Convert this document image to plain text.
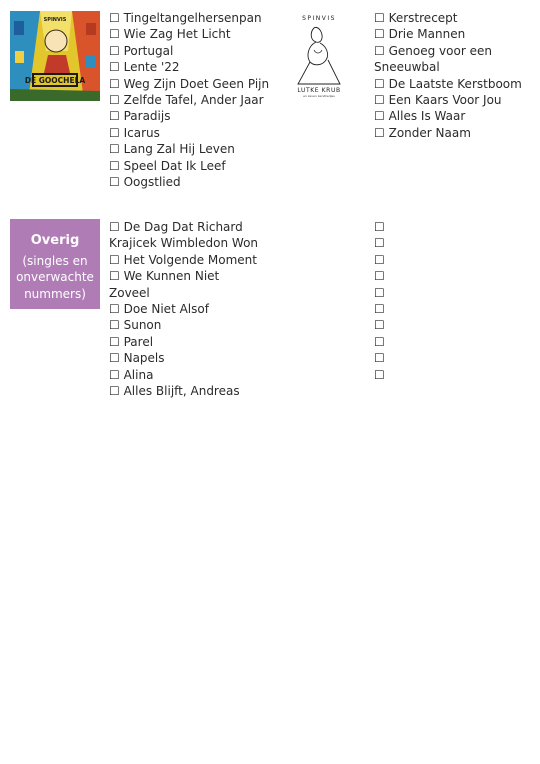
DE GOOCHELA
SPINVIS	☐ Tingeltangelhersenpan
☐ Wie Zag Het Licht
☐ Portugal
☐ Lente '22
☐ Weg Zijn Doet Geen Pijn
☐ Zelfde Tafel, Ander Jaar
☐ Paradijs
☐ Icarus
☐ Lang Zal Hij Leven
☐ Speel Dat Ik Leef
☐ Oogstlied
SPINVIS
LUTKE KRUB
en zeven kerstliedjes
☐ Kerstrecept
☐ Drie Mannen
☐ Genoeg voor een Sneeuwbal
☐ De Laatste Kerstboom
☐ Een Kaars Voor Jou
☐ Alles Is Waar
☐ Zonder Naam
Overig
(singles en onverwachte nummers)
☐ De Dag Dat Richard Krajicek Wimbledon Won
☐ Het Volgende Moment
☐ We Kunnen Niet Zoveel
☐ Doe Niet Alsof
☐ Sunon
☐ Parel
☐ Napels
☐ Alina
☐ Alles Blijft, Andreas
☐
☐
☐
☐
☐
☐
☐
☐
☐
☐
